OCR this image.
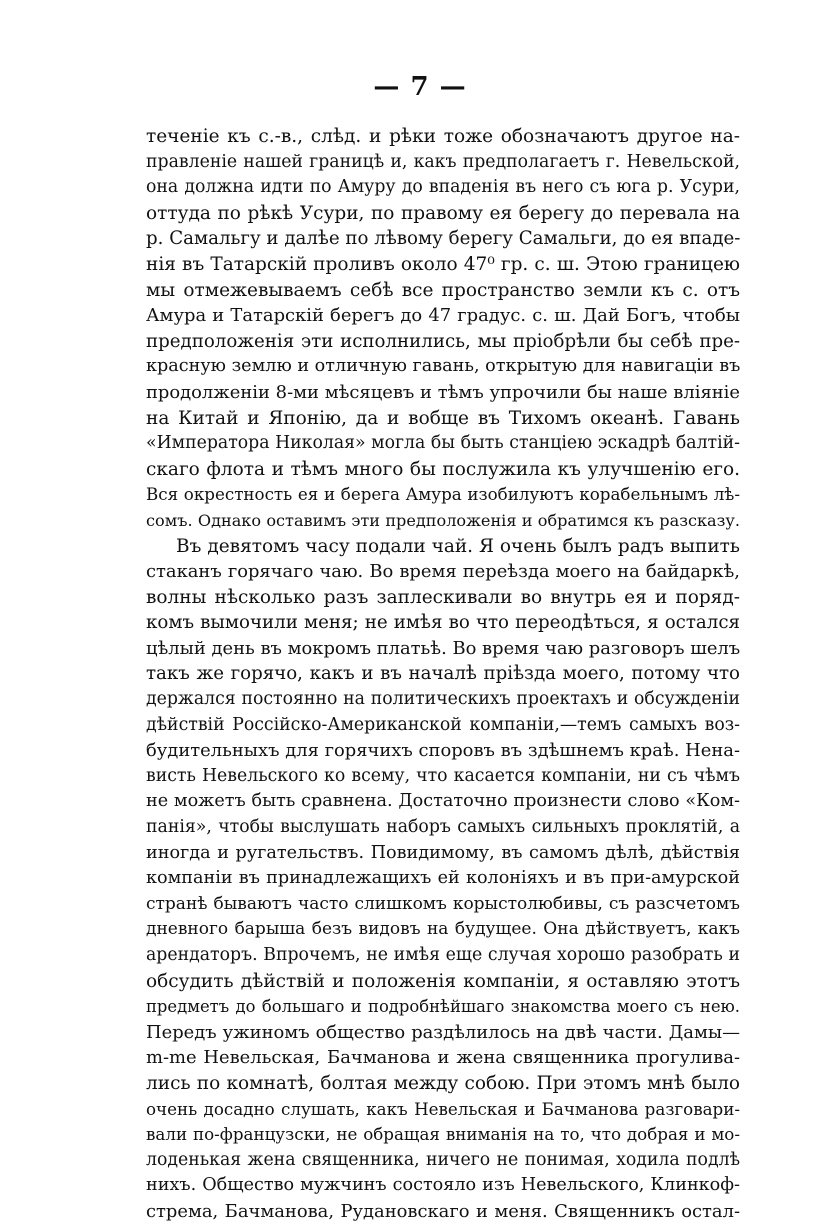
— 7 —
теченіе къ с.-в., слѣд. и рѣки тоже обозначаютъ другое на-
правленіе нашей границѣ и, какъ предполагаетъ г. Невельской,
она должна идти по Амуру до впаденія въ него съ юга р. Усури,
оттуда по рѣкѣ Усури, по правому ея берегу до перевала на
р. Самальгу и далѣе по лѣвому берегу Самальги, до ея впаде-
нія въ Татарскій проливъ около 47⁰ гр. с. ш. Этою границею
мы отмежевываемъ себѣ все пространство земли къ с. отъ
Амура и Татарскій берегъ до 47 градус. с. ш. Дай Богъ, чтобы
предположенія эти исполнились, мы пріобрѣли бы себѣ пре-
красную землю и отличную гавань, открытую для навигаціи въ
продолженіи 8-ми мѣсяцевъ и тѣмъ упрочили бы наше вліяніе
на Китай и Японію, да и вобще въ Тихомъ океанѣ. Гавань
«Императора Николая» могла бы быть станціею эскадрѣ балтій-
скаго флота и тѣмъ много бы послужила къ улучшенію его.
Вся окрестность ея и берега Амура изобилуютъ корабельнымъ лѣ-
сомъ. Однако оставимъ эти предположенія и обратимся къ разсказу.
Въ девятомъ часу подали чай. Я очень былъ радъ выпить
стаканъ горячаго чаю. Во время переѣзда моего на байдаркѣ,
волны нѣсколько разъ заплескивали во внутрь ея и поряд-
комъ вымочили меня; не имѣя во что переодѣться, я остался
цѣлый день въ мокромъ платьѣ. Во время чаю разговоръ шелъ
такъ же горячо, какъ и въ началѣ пріѣзда моего, потому что
держался постоянно на политическихъ проектахъ и обсужденіи
дѣйствій Россійско-Американской компаніи,—темъ самыхъ воз-
будительныхъ для горячихъ споровъ въ здѣшнемъ краѣ. Нена-
висть Невельского ко всему, что касается компаніи, ни съ чѣмъ
не можетъ быть сравнена. Достаточно произнести слово «Ком-
панія», чтобы выслушать наборъ самыхъ сильныхъ проклятій, а
иногда и ругательствъ. Повидимому, въ самомъ дѣлѣ, дѣйствія
компаніи въ принадлежащихъ ей колоніяхъ и въ при-амурской
странѣ бываютъ часто слишкомъ корыстолюбивы, съ разсчетомъ
дневного барыша безъ видовъ на будущее. Она дѣйствуетъ, какъ
арендаторъ. Впрочемъ, не имѣя еще случая хорошо разобрать и
обсудить дѣйствій и положенія компаніи, я оставляю этотъ
предметъ до большаго и подробнѣйшаго знакомства моего съ нею.
Передъ ужиномъ общество раздѣлилось на двѣ части. Дамы—
m-me Невельская, Бачманова и жена священника прогулива-
лись по комнатѣ, болтая между собою. При этомъ мнѣ было
очень досадно слушать, какъ Невельская и Бачманова разговари-
вали по-французски, не обращая вниманія на то, что добрая и мо-
лоденькая жена священника, ничего не понимая, ходила подлѣ
нихъ. Общество мужчинъ состояло изъ Невельского, Клинкоф-
стрема, Бачманова, Рудановскаго и меня. Священникъ остал-
